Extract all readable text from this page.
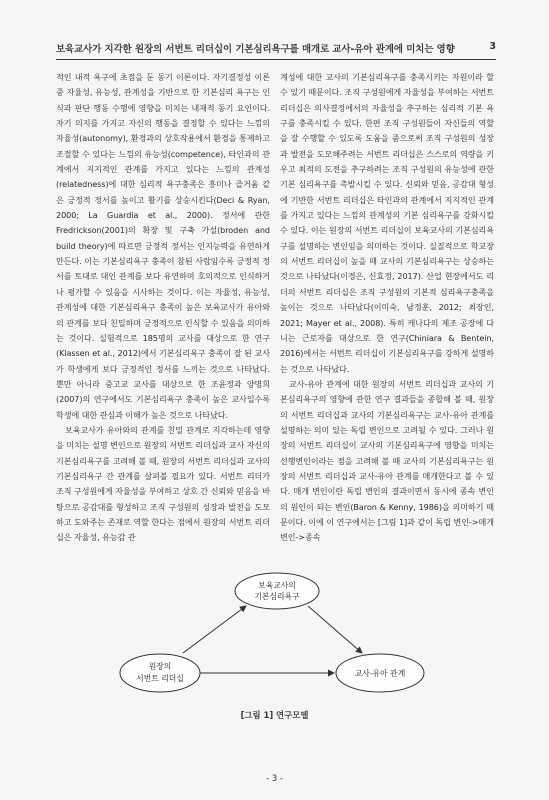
보육교사가 지각한 원장의 서번트 리더십이 기본심리욕구를 매개로 교사-유아 관계에 미치는 영향	3

적인 내적 욕구에 초점을 둔 동기 이론이다. 자기결정성 이론 중 자율성, 유능성, 관계성을 기반으로 한 기본심리 욕구는 인식과 판단 행동 수행에 영향을 미치는 내재적 동기 요인이다. 자기 의지를 가지고 자신의 행동을 결정할 수 있다는 느낌의 자율성(autonomy), 환경과의 상호작용에서 환경을 통제하고 조절할 수 있다는 느낌의 유능성(competence), 타인과의 관계에서 지지적인 관계를 가지고 있다는 느낌의 관계성(relatedness)에 대한 심리적 욕구충족은 흥미나 즐거움 같은 긍정적 정서를 높이고 활기를 상승시킨다(Deci & Ryan, 2000; La Guardia et al., 2000). 정서에 관한 Fredrickson(2001)의 확장 및 구축 가설(broden and build theory)에 따르면 긍정적 정서는 인지능력을 유연하게 만든다. 이는 기본심리욕구 충족이 참된 사람임수록 긍정적 정서를 토대로 대인 관계를 보다 유연하며 호의적으로 인식하거나 평가할 수 있음을 시사하는 것이다. 이는 자율성, 유능성, 관계성에 대한 기본심리욕구 충족이 높은 보육교사가 유아와의 관계를 보다 친밀하며 긍정적으로 인식할 수 있음을 의미하는 것이다. 실험적으로 185명의 교사를 대상으로 한 연구(Klassen et al., 2012)에서 기본심리욕구 충족이 잘 된 교사가 학생에게 보다 긍정적인 정서를 느끼는 것으로 나타났다. 뿐만 아니라 중고교 교사를 대상으로 한 조윤정과 양명희(2007)의 연구에서도 기본심리욕구 충족이 높은 교사일수록 학생에 대한 관심과 이해가 높은 것으로 나타났다.

보육교사가 유아와의 관계를 친밀 관계로 지각하는데 영향을 미치는 설명 변인으로 원장의 서번트 리더십과 교사 자신의 기본심리욕구를 고려해 볼 때, 원장의 서번트 리더십과 교사의 기본심리욕구 간 관계를 살펴볼 필요가 있다. 서번트 리더가 조직 구성원에게 자율성을 부여하고 상호 간 신뢰와 믿음을 바탕으로 공감대를 형성하고 조직 구성원의 성장과 발전을 도모하고 도와주는 존재로 역할 한다는 점에서 원장의 서번트 리더십은 자율성, 유능감 관

계성에 대한 교사의 기본심리욕구를 충족시키는 자원이라 할 수 있기 때문이다. 조직 구성원에게 자율성을 부여하는 서번트 리더십은 의사결정에서의 자율성을 추구하는 심리적 기본 욕구를 충족시킬 수 있다. 한편 조직 구성원들이 자신들의 역할을 잘 수행할 수 있도록 도움을 줌으로써 조직 구성원의 성장과 발전을 도모해주려는 서번트 리더십은 스스로의 역량을 키우고 최적의 도전을 추구하려는 조직 구성원의 유능성에 관한 기본 심리욕구를 촉발시킬 수 있다. 신뢰와 믿음, 공감대 형성에 기반한 서번트 리더십은 타인과의 관계에서 지지적인 관계를 가지고 있다는 느낌의 관계성의 기본 심리욕구를 강화시킬 수 있다. 이는 원장의 서번트 리더십이 보육교사의 기본심리욕구를 설명하는 변인임을 의미하는 것이다. 실질적으로 학교장의 서번트 리더십이 높을 때 교사의 기본심리욕구는 상승하는 것으로 나타났다(이경은, 신효정, 2017). 산업 현장에서도 리더의 서번트 리더십은 조직 구성원의 기본적 심리욕구충족을 높이는 것으로 나타났다(이미숙, 남정훈, 2012; 최장인, 2021; Mayer et al., 2008). 특히 캐나다의 제조 공장에 다니는 근로자를 대상으로 한 연구(Chiniara & Bentein, 2016)에서는 서번트 리더십이 기본심리욕구를 강하게 설명하는 것으로 나타났다.

교사-유아 관계에 대한 원장의 서번트 리더십과 교사의 기본심리욕구의 영향에 관한 연구 결과들을 종합해 볼 때, 원장의 서번트 리더십과 교사의 기본심리욕구는 교사-유아 관계를 설명하는 의미 있는 독립 변인으로 고려될 수 있다. 그러나 원장의 서번트 리더십이 교사의 기본심리욕구에 영향을 미치는 선행변인이라는 점을 고려해 볼 때 교사의 기본심리욕구는 원장의 서번트 리더십과 교사-유아 관계를 매개한다고 볼 수 있다. 매개 변인이란 독립 변인의 결과이면서 동시에 종속 변인의 원인이 되는 변인(Baron & Kenny, 1986)을 의미하기 때문이다. 이에 이 연구에서는 [그림 1]과 같이 독립 변인->매개 변인->종속

보육교사의
기본심리욕구
원장의
서번트 리더십
교사-유아 관계
[그림 1] 연구모델
- 3 -
